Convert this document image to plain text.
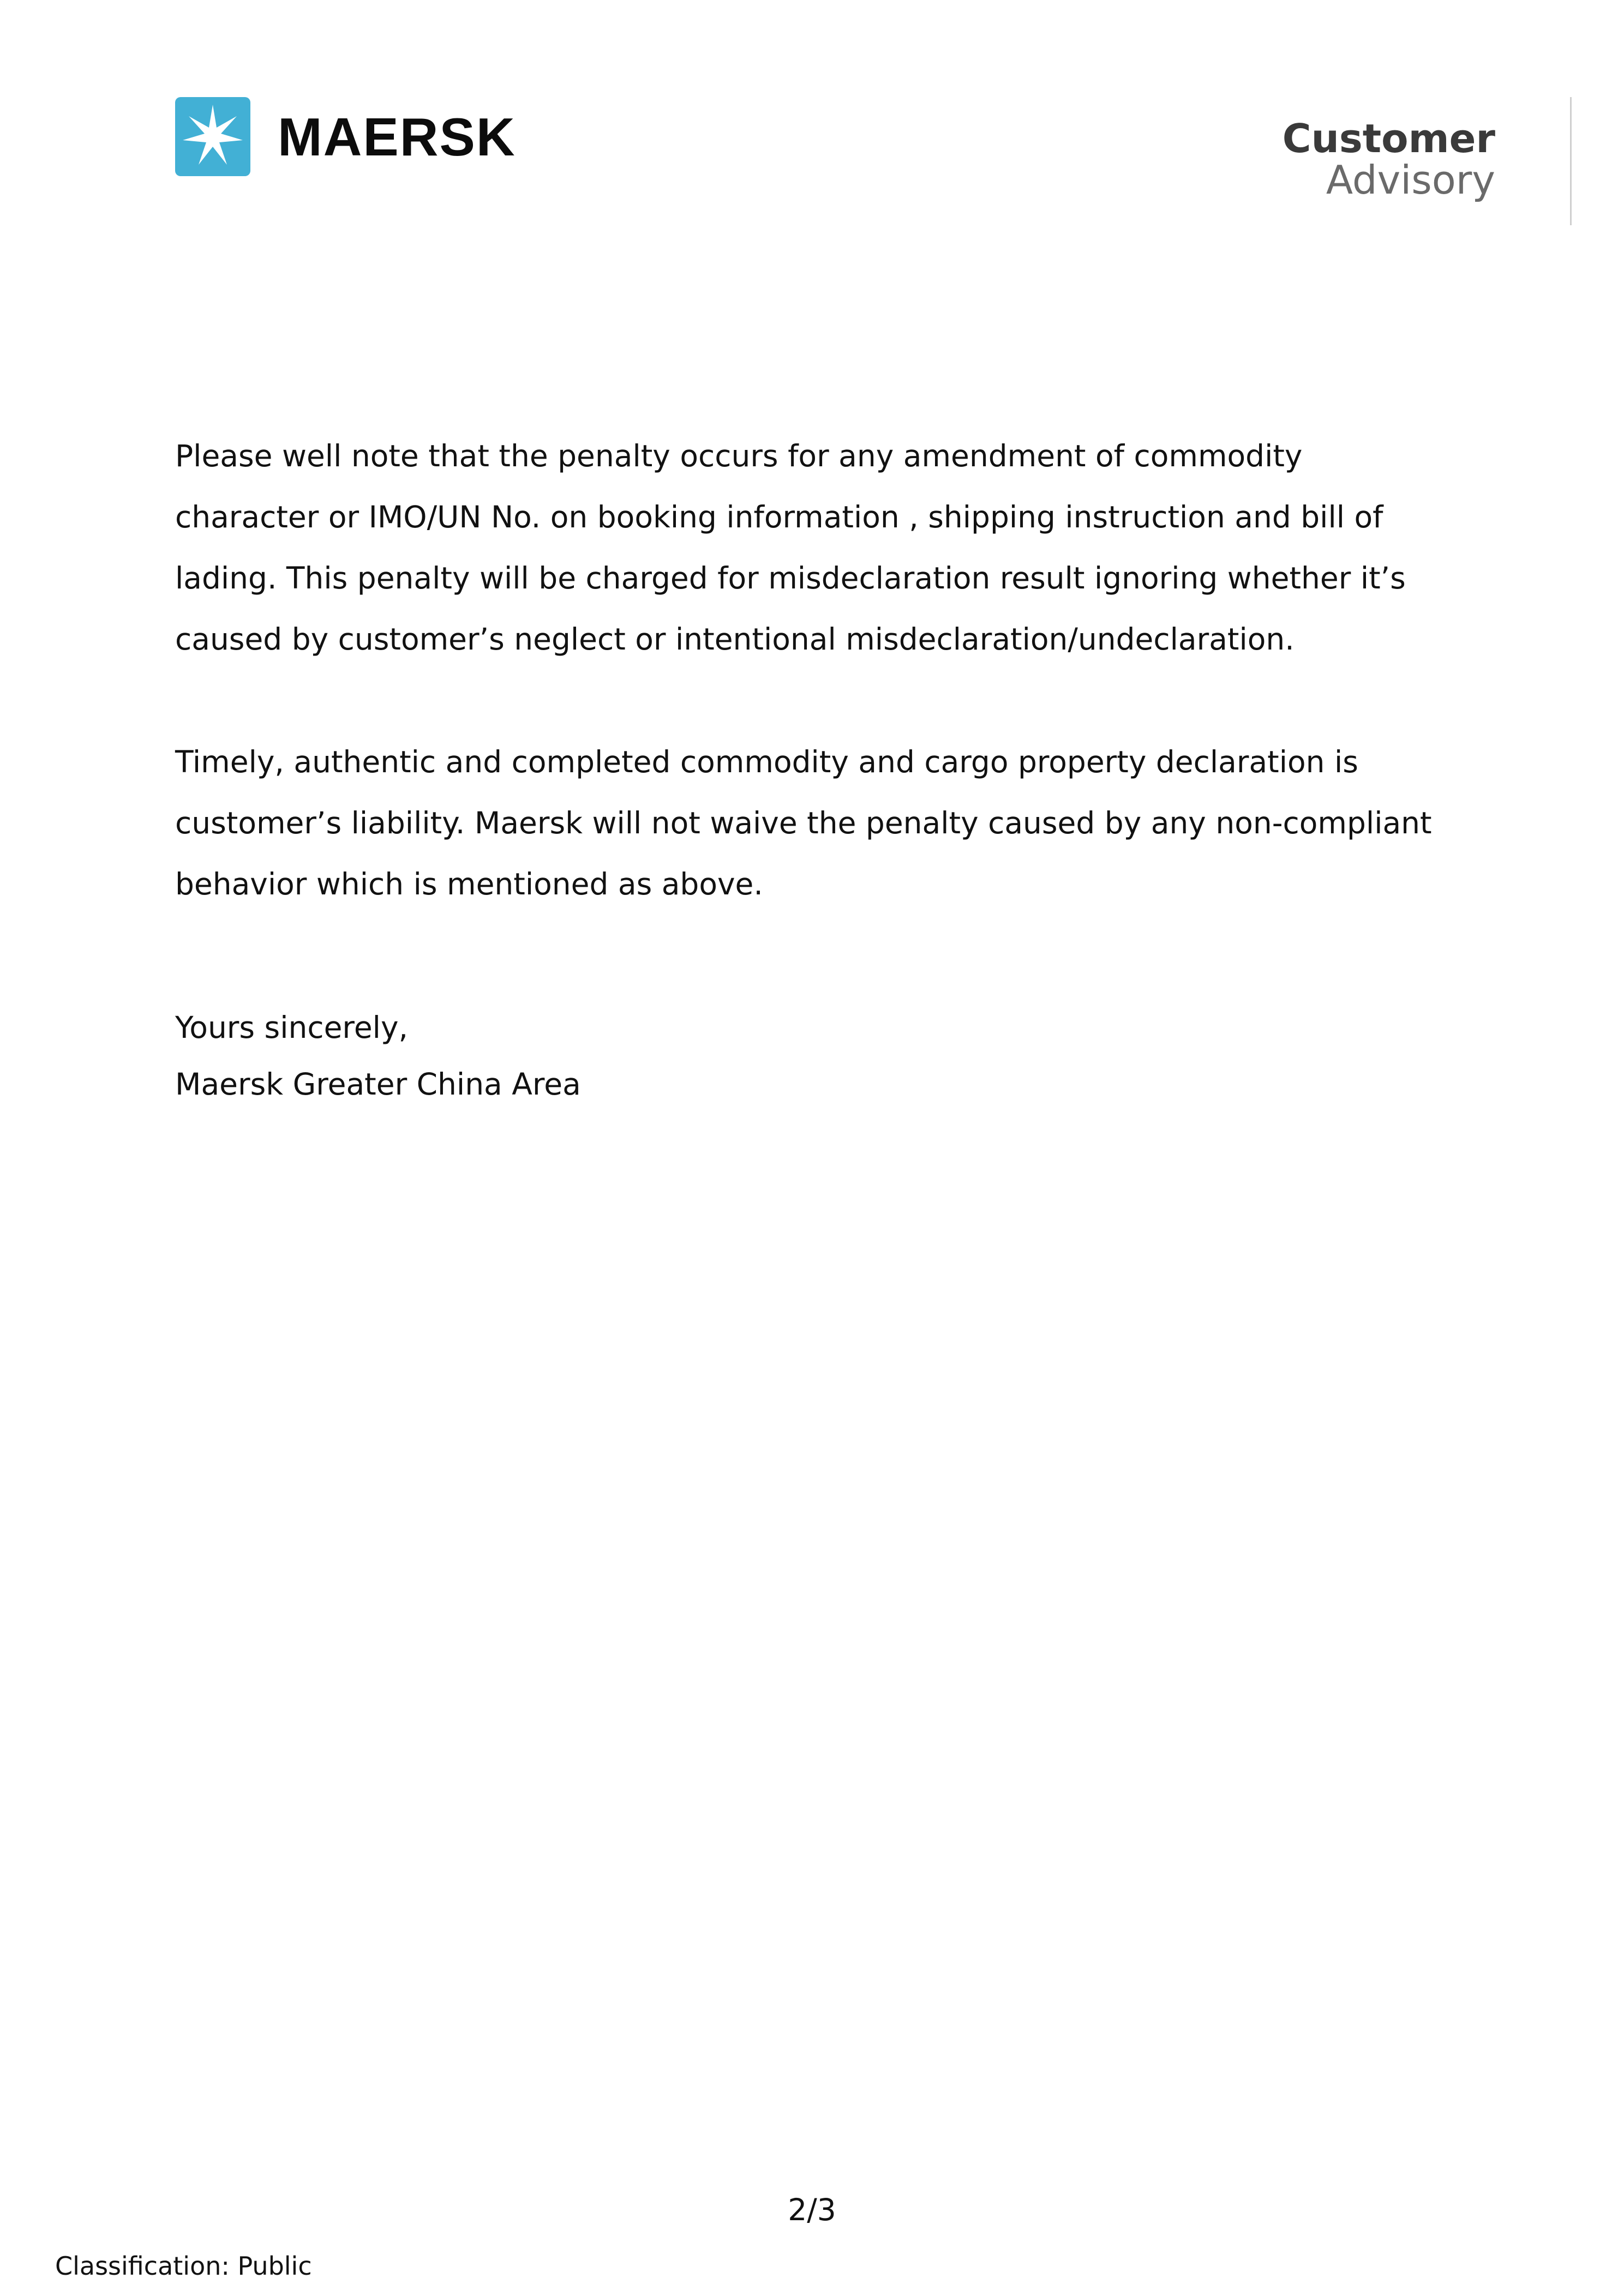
MAERSK	Customer
Advisory

Please well note that the penalty occurs for any amendment of commodity character or IMO/UN No. on booking information , shipping instruction and bill of lading. This penalty will be charged for misdeclaration result ignoring whether it’s caused by customer’s neglect or intentional misdeclaration/undeclaration.

Timely, authentic and completed commodity and cargo property declaration is customer’s liability. Maersk will not waive the penalty caused by any non-compliant behavior which is mentioned as above.

Yours sincerely,
Maersk Greater China Area
2/3
Classification: Public
